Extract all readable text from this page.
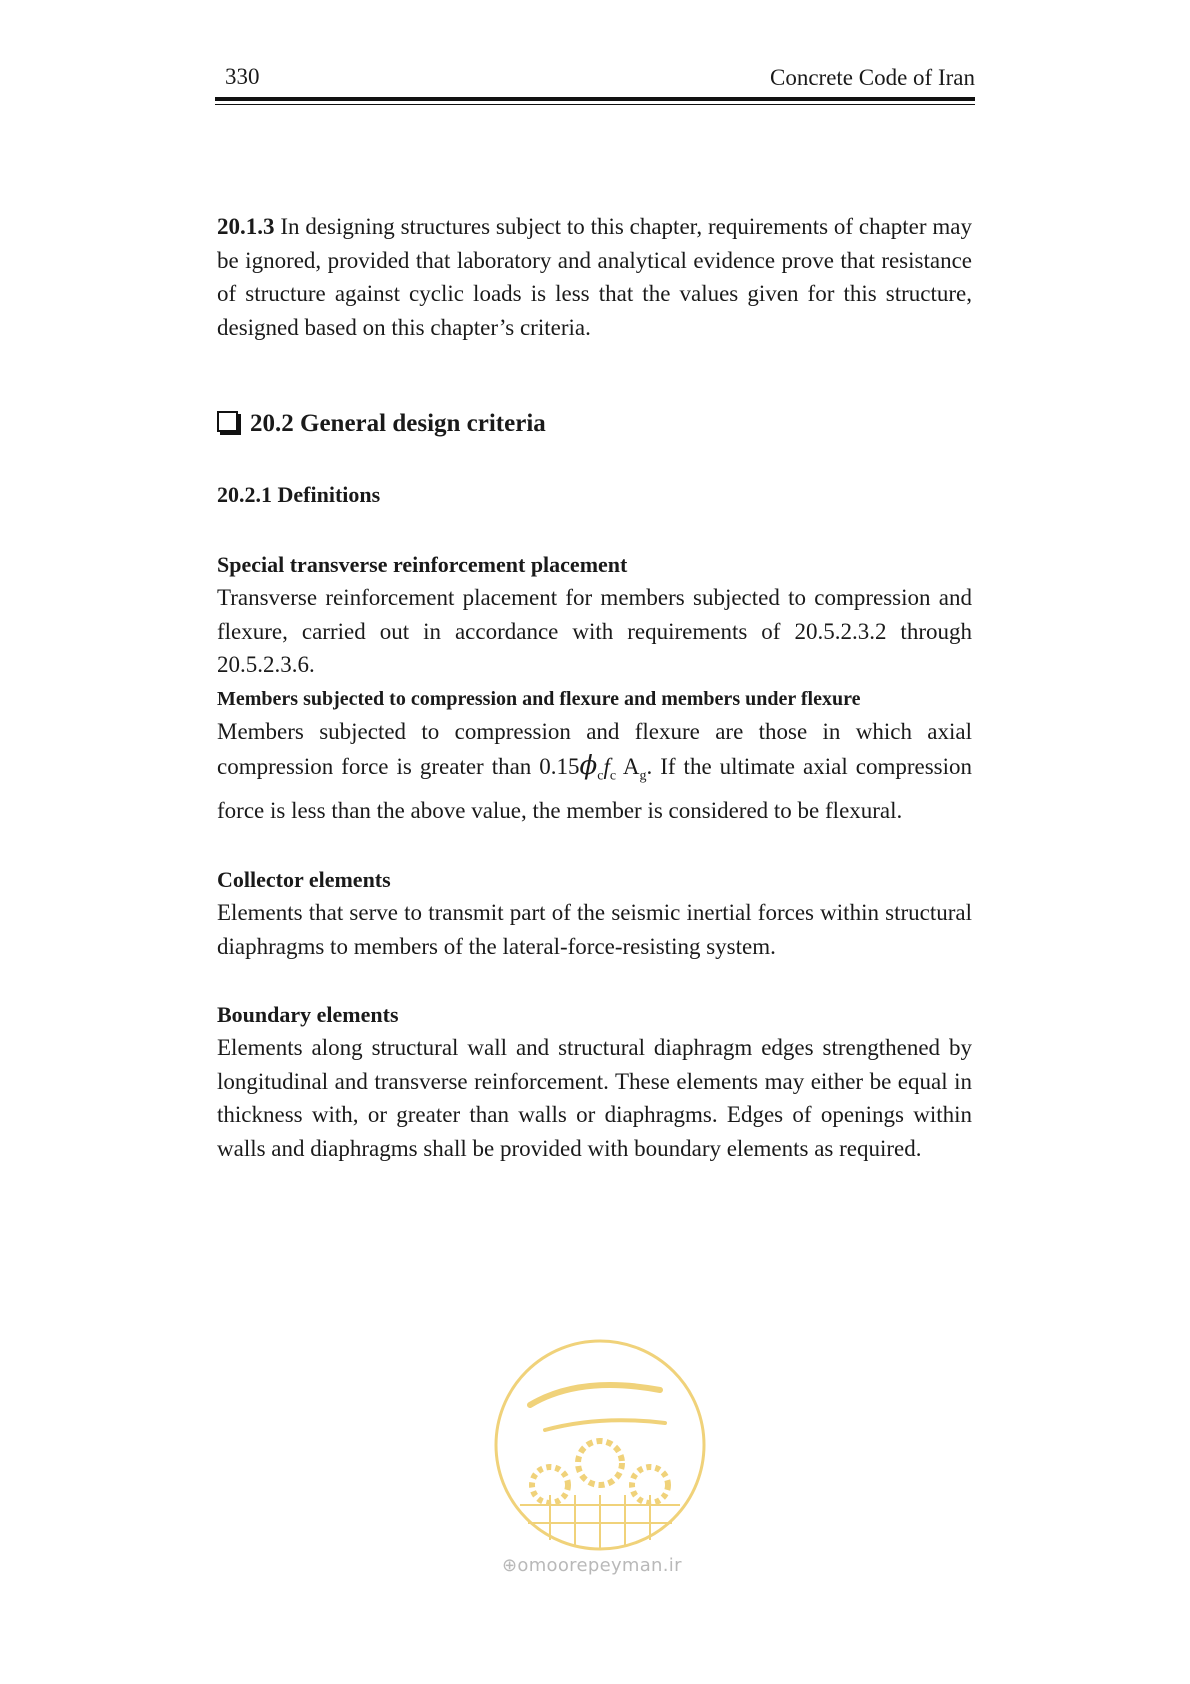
330	Concrete Code of Iran

20.1.3 In designing structures subject to this chapter, requirements of chapter may be ignored, provided that laboratory and analytical evidence prove that resistance of structure against cyclic loads is less that the values given for this structure, designed based on this chapter’s criteria.

20.2 General design criteria
20.2.1 Definitions
Special transverse reinforcement placement

Transverse reinforcement placement for members subjected to compression and flexure, carried out in accordance with requirements of 20.5.2.3.2 through 20.5.2.3.6.

Members subjected to compression and flexure and members under flexure

Members subjected to compression and flexure are those in which axial compression force is greater than $0.15\phi_cf_c$ $A_g$. If the ultimate axial compression force is less than the above value, the member is considered to be flexural.

Collector elements

Elements that serve to transmit part of the seismic inertial forces within structural diaphragms to members of the lateral-force-resisting system.

Boundary elements

Elements along structural wall and structural diaphragm edges strengthened by longitudinal and transverse reinforcement. These elements may either be equal in thickness with, or greater than walls or diaphragms. Edges of openings within walls and diaphragms shall be provided with boundary elements as required.

⊕omoorepeyman.ir
